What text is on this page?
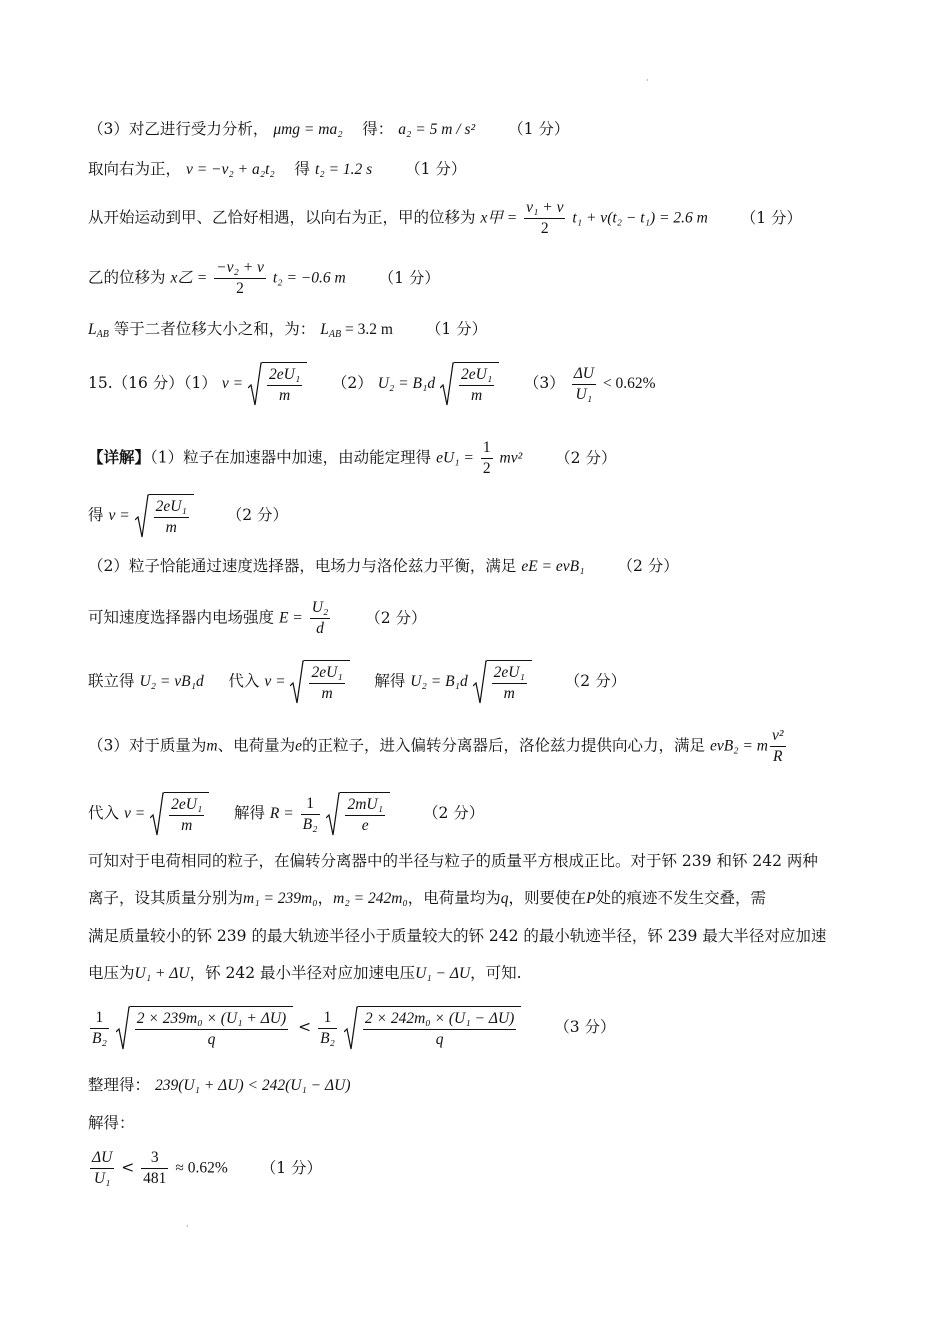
·
（3）对乙进行受力分析， μmg = ma₂ 得： a₂ = 5 m / s² （1 分）
取向右为正， v = −v₂ + a₂t₂ 得 t₂ = 1.2 s （1 分）
从开始运动到甲、乙恰好相遇，以向右为正，甲的位移为 x甲 = $\frac{\text{v₁ + v}}{2} t_1 + v(t_2 - t_1) = 2.6$ m （1 分）
乙的位移为 x乙 = $\frac{\text{−v₂ + v}}{2} t_2 = -0.6$ m （1 分）
$L_{AB}$ 等于二者位移大小之和，为： $L_{AB} = 3.2$ m （1 分）
15.（16 分）（1） $v = \frac{\text{2eU₁}}{m} (2) U_2 = B_1d \frac{\text{2eU₁}}{m} (3) \frac{\Delta U}{\text{U₁}} < 0.62\%$
【详解】（1）粒子在加速器中加速，由动能定理得 $eU_1 = \frac{1}{2} mv^2$ （2 分）
得 $v = \frac{\text{2eU₁}}{m} (2$ 分）
（2）粒子恰能通过速度选择器，电场力与洛伦兹力平衡，满足 eE = evB₁ （2 分）
可知速度选择器内电场强度 $E = \frac{\text{U₂}}{d} (2$ 分）
联立得 U₂ = vB₁d 代入 $v = \frac{\text{2eU₁}}{m}$ 解得 $U_2 = B_1d \frac{\text{2eU₁}}{m} (2$ 分）
（3）对于质量为m、电荷量为e的正粒子，进入偏转分离器后，洛伦兹力提供向心力，满足 evB₂ = m $\frac{\text{v²}}{R}$
代入 $v = \frac{\text{2eU₁}}{m}$ 解得 $R = \frac{1}{\text{B₂}}$
$\frac{\text{2mU₁}}{e} (2$ 分）
可知对于电荷相同的粒子，在偏转分离器中的半径与粒子的质量平方根成正比。对于钚 239 和钚 242 两种
离子，设其质量分别为m₁ = 239m₀，m₂ = 242m₀，电荷量均为q，则要使在P处的痕迹不发生交叠，需
满足质量较小的钚 239 的最大轨迹半径小于质量较大的钚 242 的最小轨迹半径，钚 239 最大半径对应加速
电压为U₁ + ΔU，钚 242 最小半径对应加速电压U₁ − ΔU，可知.
$\frac{1}{\text{B₂}}$
$\frac{\text{2 × 239m₀ × (U₁ + ΔU)}}{q} < \frac{1}{\text{B₂}}$
$\frac{\text{2 × 242m₀ × (U₁ − ΔU)}}{q} (3$ 分）
整理得： 239(U₁ + ΔU) < 242(U₁ − ΔU)
解得：
$\frac{\Delta U}{\text{U₁}} < \frac{3}{481} \approx 0.62\%$ （1 分）
·
